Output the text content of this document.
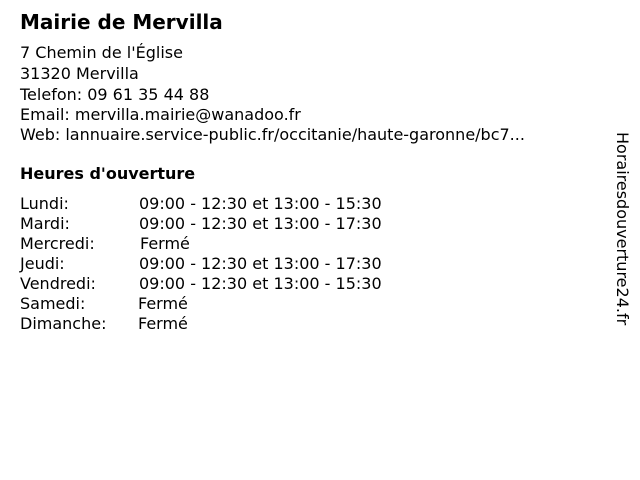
Mairie de Mervilla
7 Chemin de l'Église
31320 Mervilla
Telefon: 09 61 35 44 88
Email: mervilla.mairie@wanadoo.fr
Web: lannuaire.service-public.fr/occitanie/haute-garonne/bc7...
Heures d'ouverture
Lundi:	09:00 - 12:30 et 13:00 - 15:30
Mardi:	09:00 - 12:30 et 13:00 - 17:30
Mercredi:	Fermé
Jeudi:	09:00 - 12:30 et 13:00 - 17:30
Vendredi:	09:00 - 12:30 et 13:00 - 15:30
Samedi:	Fermé
Dimanche: Fermé	Horairesdouverture24.fr
